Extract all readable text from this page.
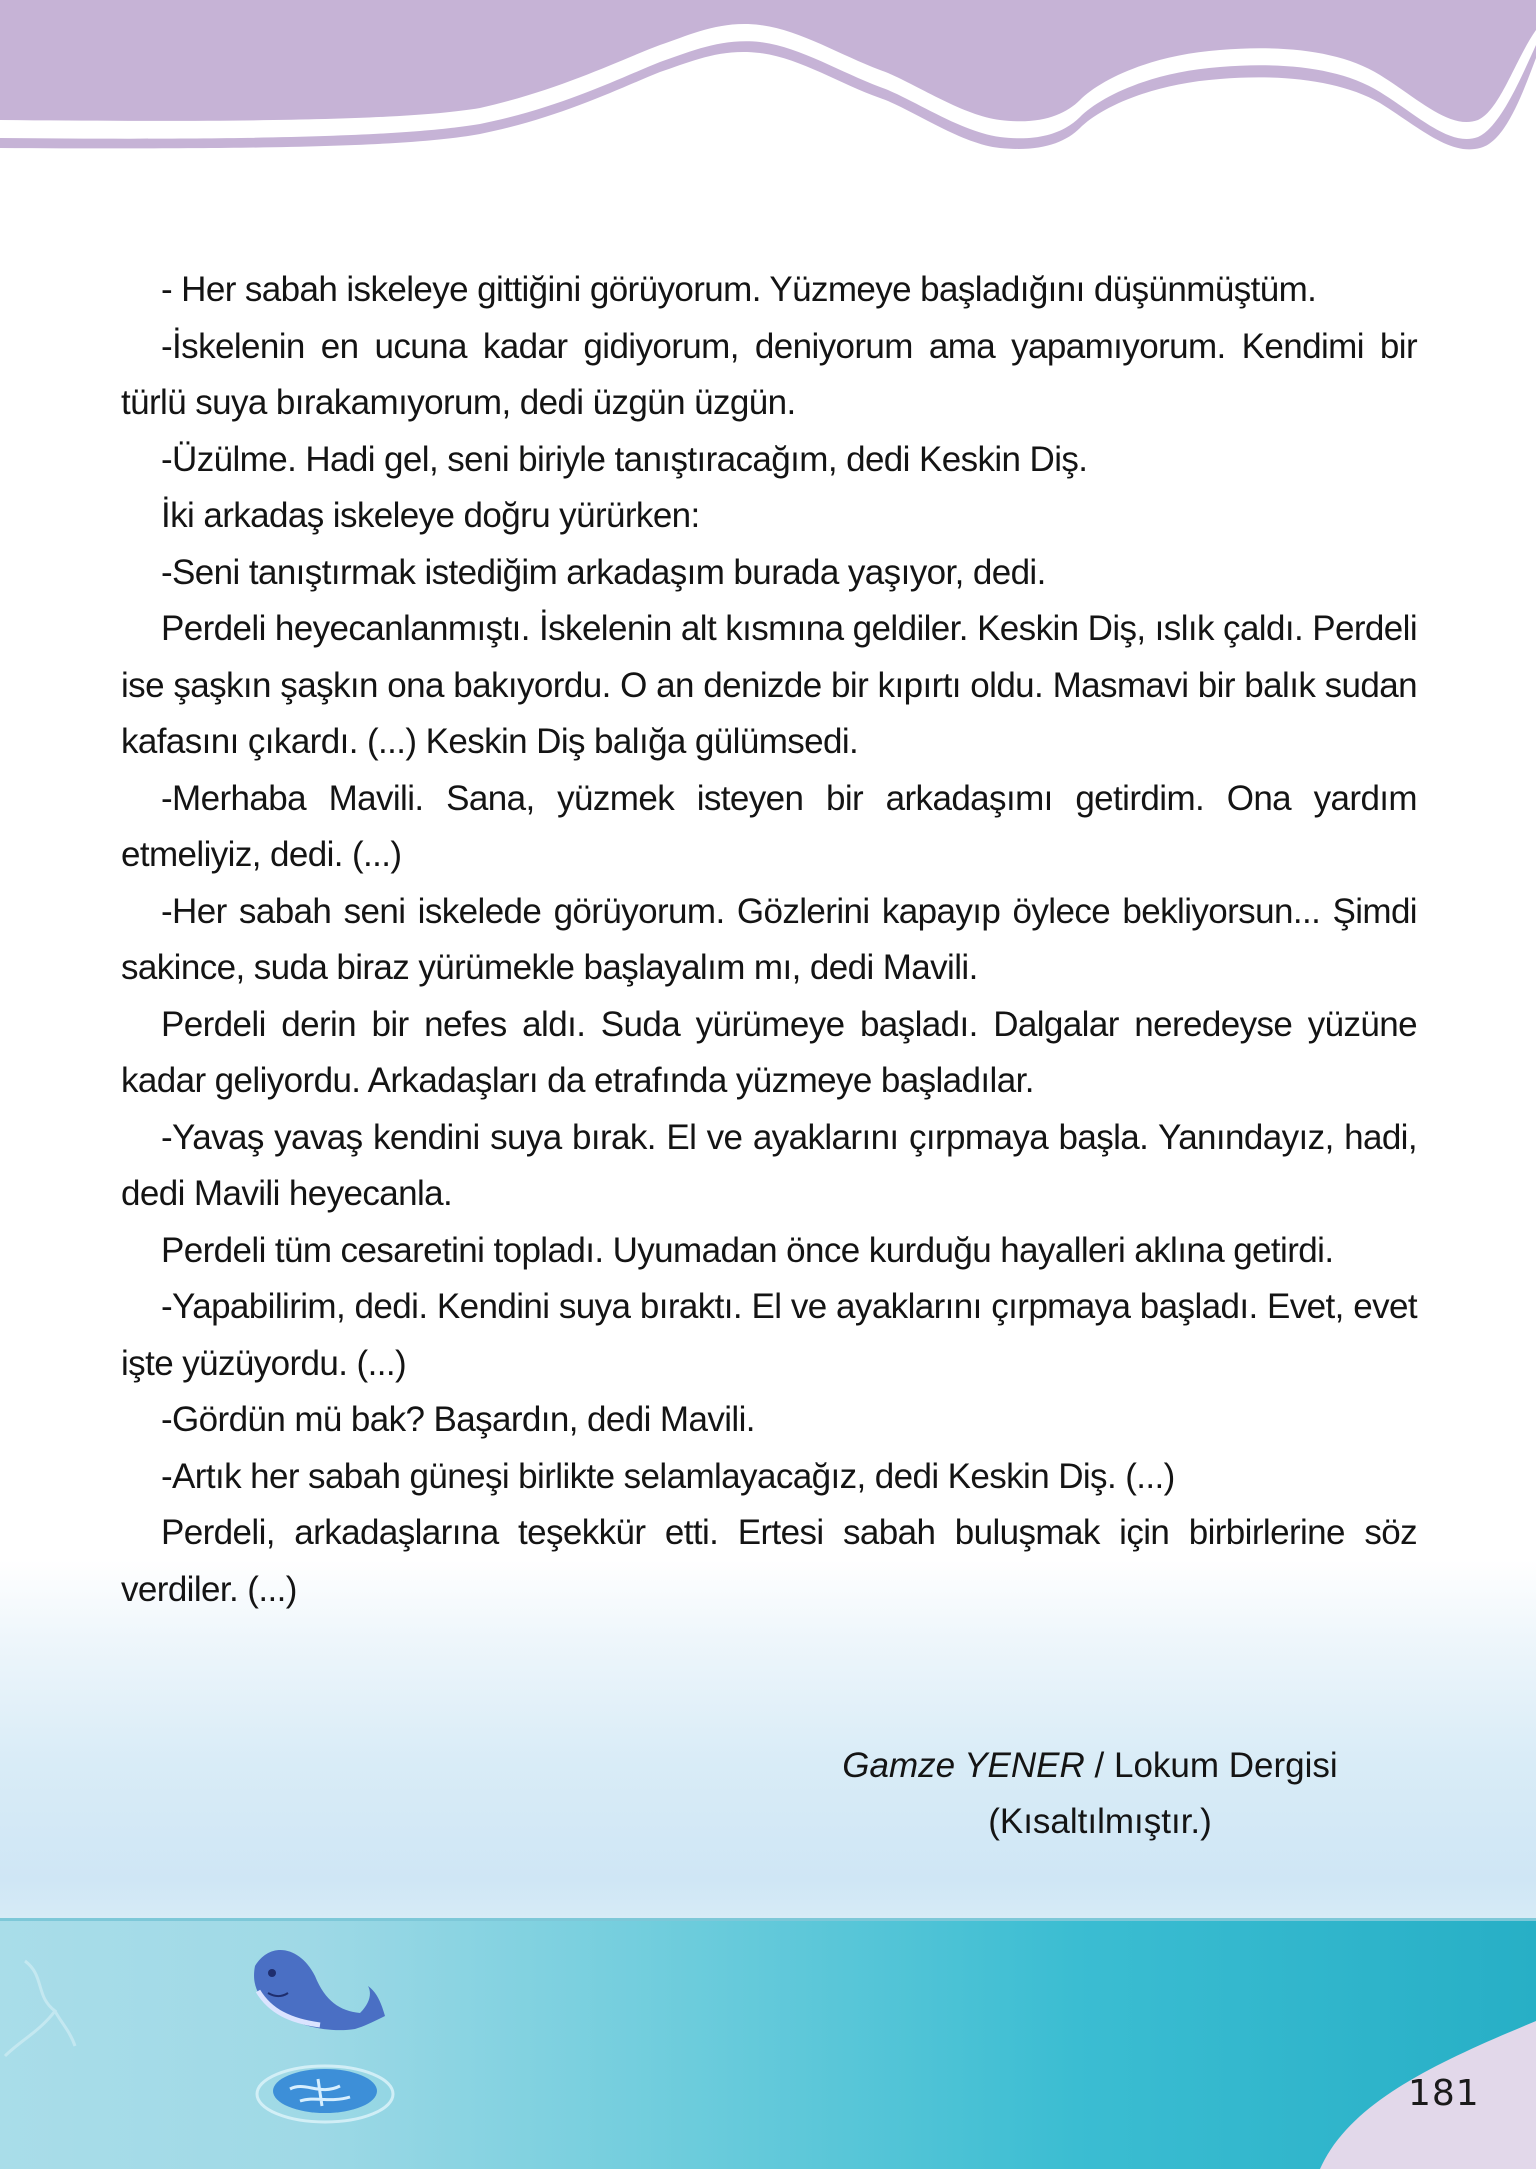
- Her sabah iskeleye gittiğini görüyorum. Yüzmeye başladığını düşünmüştüm.

-İskelenin en ucuna kadar gidiyorum, deniyorum ama yapamıyorum. Kendimi bir türlü suya bırakamıyorum, dedi üzgün üzgün.

-Üzülme. Hadi gel, seni biriyle tanıştıracağım, dedi Keskin Diş.

İki arkadaş iskeleye doğru yürürken:

-Seni tanıştırmak istediğim arkadaşım burada yaşıyor, dedi.

Perdeli heyecanlanmıştı. İskelenin alt kısmına geldiler. Keskin Diş, ıslık çaldı. Perdeli ise şaşkın şaşkın ona bakıyordu. O an denizde bir kıpırtı oldu. Masmavi bir balık sudan kafasını çıkardı. (...) Keskin Diş balığa gülümsedi.

-Merhaba Mavili. Sana, yüzmek isteyen bir arkadaşımı getirdim. Ona yardım etmeliyiz, dedi. (...)

-Her sabah seni iskelede görüyorum. Gözlerini kapayıp öylece bekliyorsun... Şimdi sakince, suda biraz yürümekle başlayalım mı, dedi Mavili.

Perdeli derin bir nefes aldı. Suda yürümeye başladı. Dalgalar neredeyse yüzüne kadar geliyordu. Arkadaşları da etrafında yüzmeye başladılar.

-Yavaş yavaş kendini suya bırak. El ve ayaklarını çırpmaya başla. Yanındayız, hadi, dedi Mavili heyecanla.

Perdeli tüm cesaretini topladı. Uyumadan önce kurduğu hayalleri aklına getirdi.

-Yapabilirim, dedi. Kendini suya bıraktı. El ve ayaklarını çırpmaya başladı. Evet, evet işte yüzüyordu. (...)

-Gördün mü bak? Başardın, dedi Mavili.

-Artık her sabah güneşi birlikte selamlayacağız, dedi Keskin Diş. (...)

Perdeli, arkadaşlarına teşekkür etti. Ertesi sabah buluşmak için birbirlerine söz verdiler. (...)

Gamze YENER / Lokum Dergisi
(Kısaltılmıştır.)
181
